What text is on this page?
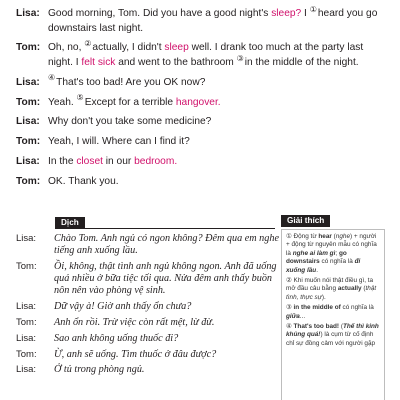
Lisa: Good morning, Tom. Did you have a good night's sleep? I ①heard you go downstairs last night.
Tom: Oh, no, ②actually, I didn't sleep well. I drank too much at the party last night. I felt sick and went to the bathroom ③in the middle of the night.
Lisa:	④That's too bad! Are you OK now?
Tom: Yeah. ⑤Except for a terrible hangover.
Lisa: Why don't you take some medicine?
Tom: Yeah, I will. Where can I find it?
Lisa: In the closet in our bedroom.
Tom: OK. Thank you.
Dịch
Lisa:	Chào Tom. Anh ngủ có ngon không? Đêm qua em nghe tiếng anh xuống lầu.
Tom:	Ồi, không, thật tình anh ngủ không ngon. Anh đã uống quá nhiều ở bữa tiệc tối qua. Nửa đêm anh thấy buồn nôn nên vào phòng vệ sinh.
Lisa:	Dữ vậy à! Giờ anh thấy ổn chưa?
Tom:	Anh ổn rồi. Trừ việc còn rất mệt, lừ đừ.
Lisa:	Sao anh không uống thuốc đi?
Tom:	Ừ, anh sẽ uống. Tìm thuốc ở đâu được?
Lisa:	Ở tủ trong phòng ngủ.
Giải thích
① Động từ hear (nghe) + người + động từ nguyên mẫu có nghĩa là nghe ai làm gì; go downstairs có nghĩa là đi xuống lầu.
② Khi muốn nói thật điều gì, ta mở đầu câu bằng actually (thật tình, thực sự).
③ in the middle of có nghĩa là giữa...
④ That's too bad! (Thế thì kinh khủng quá!) là cụm từ cố định chỉ sự đồng cảm với người gặp
